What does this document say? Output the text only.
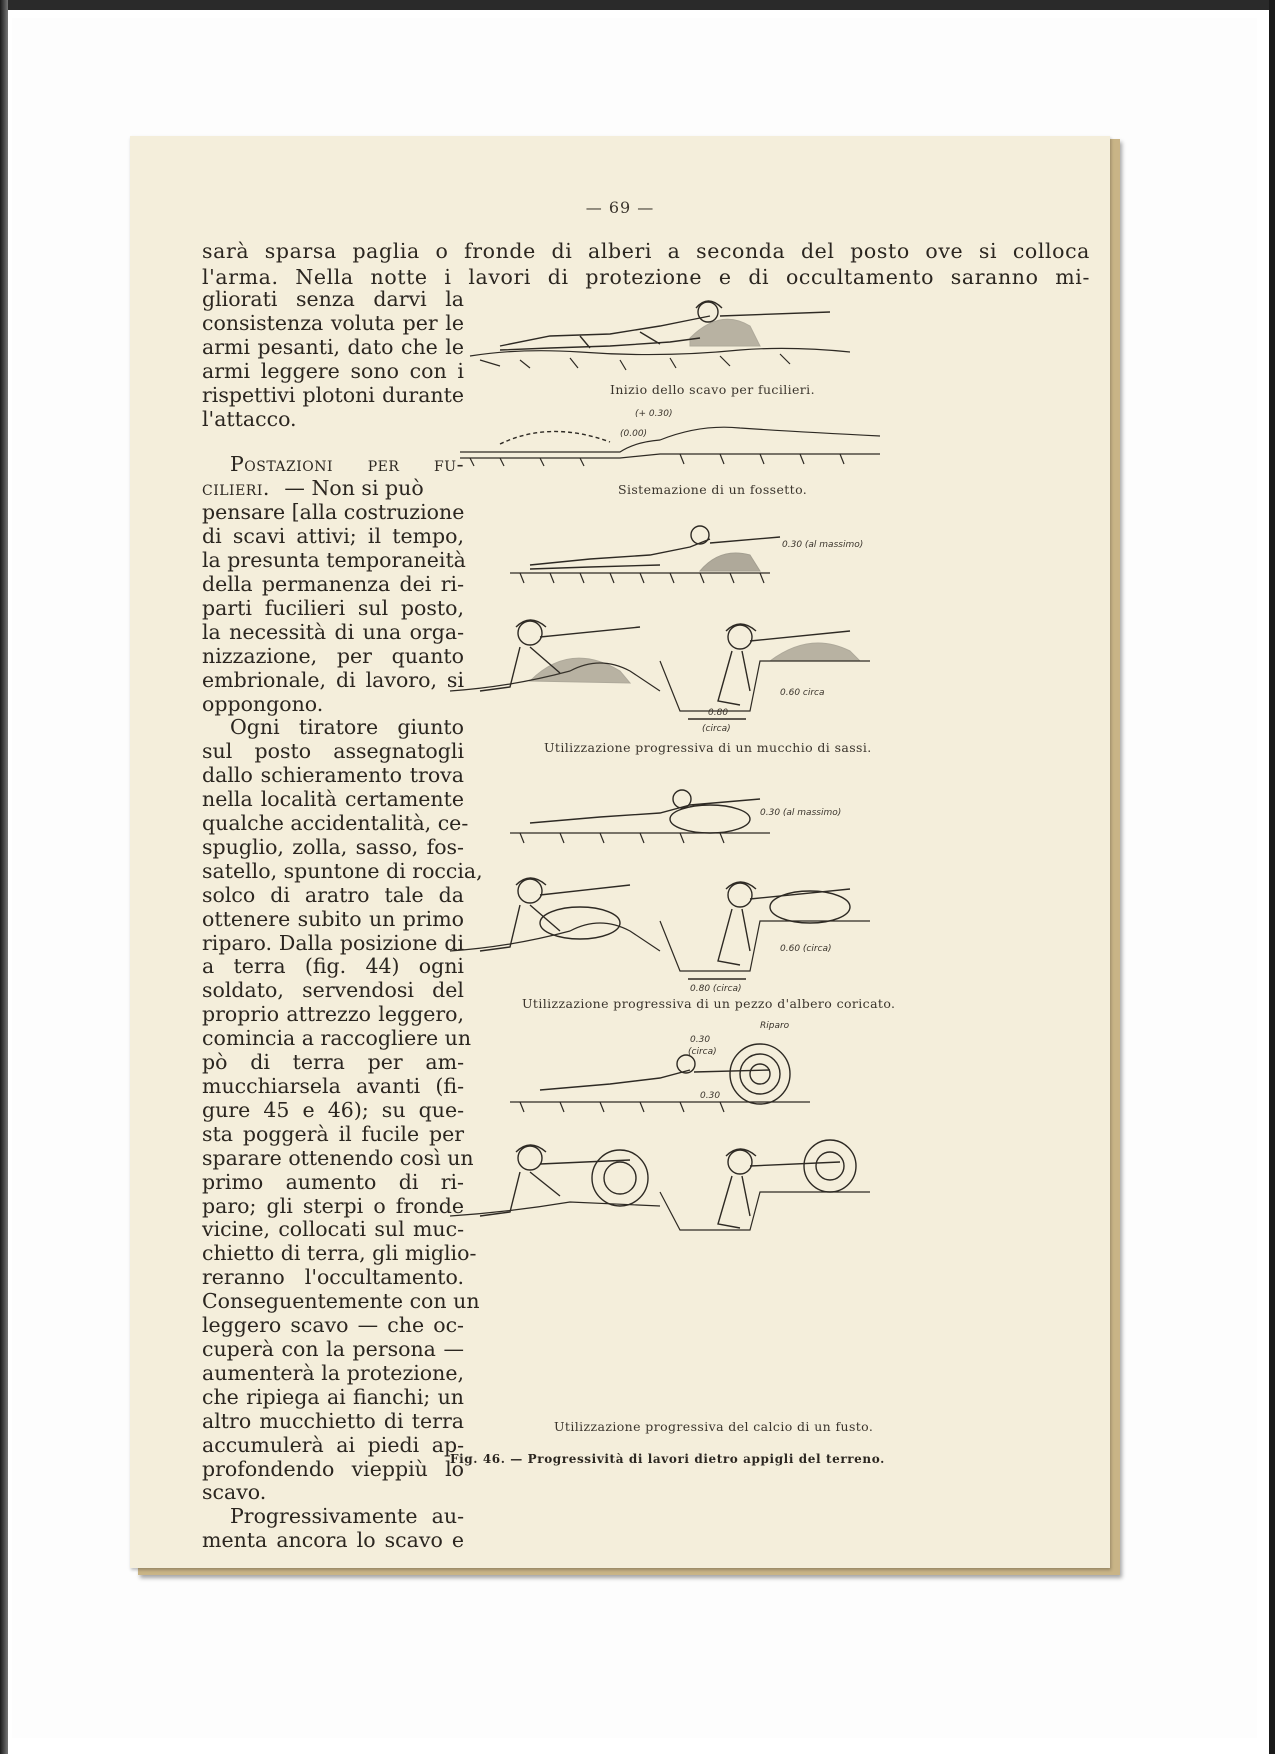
— 69 —
sarà sparsa paglia o fronde di alberi a seconda del posto ove si colloca
l'arma. Nella notte i lavori di protezione e di occultamento saranno mi-
gliorati senza darvi la
consistenza voluta per le
armi pesanti, dato che le
armi leggere sono con i
rispettivi plotoni durante
l'attacco.
Postazioni per fu-
cilieri. — Non si può
pensare [alla costruzione
di scavi attivi; il tempo,
la presunta temporaneità
della permanenza dei ri-
parti fucilieri sul posto,
la necessità di una orga-
nizzazione, per quanto
embrionale, di lavoro, si
oppongono.
Ogni tiratore giunto
sul posto assegnatogli
dallo schieramento trova
nella località certamente
qualche accidentalità, ce-
spuglio, zolla, sasso, fos-
satello, spuntone di roccia,
solco di aratro tale da
ottenere subito un primo
riparo. Dalla posizione di
a terra (fig. 44) ogni
soldato, servendosi del
proprio attrezzo leggero,
comincia a raccogliere un
pò di terra per am-
mucchiarsela avanti (fi-
gure 45 e 46); su que-
sta poggerà il fucile per
sparare ottenendo così un
primo aumento di ri-
paro; gli sterpi o fronde
vicine, collocati sul muc-
chietto di terra, gli miglio-
reranno l'occultamento.
Conseguentemente con un
leggero scavo — che oc-
cuperà con la persona —
aumenterà la protezione,
che ripiega ai fianchi; un
altro mucchietto di terra
accumulerà ai piedi ap-
profondendo vieppiù lo
scavo.
Progressivamente au-
menta ancora lo scavo e
Inizio dello scavo per fucilieri.
(+ 0.30)
(0.00)
Sistemazione di un fossetto.
0.30 (al massimo)
0.60 circa
0.80
(circa)
Utilizzazione progressiva di un mucchio di sassi.
0.30 (al massimo)
0.60 (circa)
0.80 (circa)
Utilizzazione progressiva di un pezzo d'albero coricato.
0.30
(circa)
Riparo
0.30
Utilizzazione progressiva del calcio di un fusto.
Fig. 46. — Progressività di lavori dietro appigli del terreno.
